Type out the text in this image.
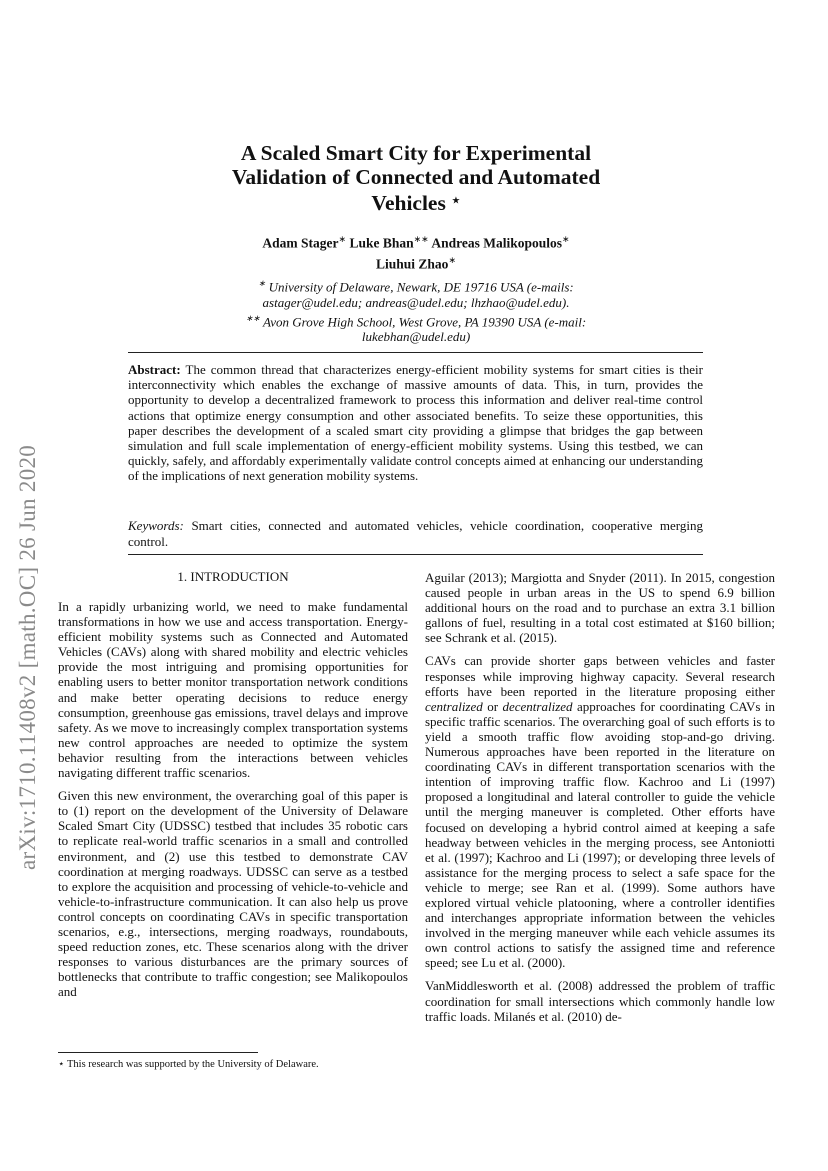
arXiv:1710.11408v2 [math.OC] 26 Jun 2020
A Scaled Smart City for Experimental
Validation of Connected and Automated
Vehicles ⋆
Adam Stager∗ Luke Bhan∗∗ Andreas Malikopoulos∗
Liuhui Zhao∗
∗ University of Delaware, Newark, DE 19716 USA (e-mails:
astager@udel.edu; andreas@udel.edu; lhzhao@udel.edu).
∗∗ Avon Grove High School, West Grove, PA 19390 USA (e-mail:
lukebhan@udel.edu)
Abstract: The common thread that characterizes energy-efficient mobility systems for smart cities is their interconnectivity which enables the exchange of massive amounts of data. This, in turn, provides the opportunity to develop a decentralized framework to process this information and deliver real-time control actions that optimize energy consumption and other associated benefits. To seize these opportunities, this paper describes the development of a scaled smart city providing a glimpse that bridges the gap between simulation and full scale implementation of energy-efficient mobility systems. Using this testbed, we can quickly, safely, and affordably experimentally validate control concepts aimed at enhancing our understanding of the implications of next generation mobility systems.
Keywords: Smart cities, connected and automated vehicles, vehicle coordination, cooperative merging control.
1. INTRODUCTION

In a rapidly urbanizing world, we need to make fundamental transformations in how we use and access transportation. Energy-efficient mobility systems such as Connected and Automated Vehicles (CAVs) along with shared mobility and electric vehicles provide the most intriguing and promising opportunities for enabling users to better monitor transportation network conditions and make better operating decisions to reduce energy consumption, greenhouse gas emissions, travel delays and improve safety. As we move to increasingly complex transportation systems new control approaches are needed to optimize the system behavior resulting from the interactions between vehicles navigating different traffic scenarios.

Given this new environment, the overarching goal of this paper is to (1) report on the development of the University of Delaware Scaled Smart City (UDSSC) testbed that includes 35 robotic cars to replicate real-world traffic scenarios in a small and controlled environment, and (2) use this testbed to demonstrate CAV coordination at merging roadways. UDSSC can serve as a testbed to explore the acquisition and processing of vehicle-to-vehicle and vehicle-to-infrastructure communication. It can also help us prove control concepts on coordinating CAVs in specific transportation scenarios, e.g., intersections, merging roadways, roundabouts, speed reduction zones, etc. These scenarios along with the driver responses to various disturbances are the primary sources of bottlenecks that contribute to traffic congestion; see Malikopoulos and

Aguilar (2013); Margiotta and Snyder (2011). In 2015, congestion caused people in urban areas in the US to spend 6.9 billion additional hours on the road and to purchase an extra 3.1 billion gallons of fuel, resulting in a total cost estimated at $160 billion; see Schrank et al. (2015).

CAVs can provide shorter gaps between vehicles and faster responses while improving highway capacity. Several research efforts have been reported in the literature proposing either centralized or decentralized approaches for coordinating CAVs in specific traffic scenarios. The overarching goal of such efforts is to yield a smooth traffic flow avoiding stop-and-go driving. Numerous approaches have been reported in the literature on coordinating CAVs in different transportation scenarios with the intention of improving traffic flow. Kachroo and Li (1997) proposed a longitudinal and lateral controller to guide the vehicle until the merging maneuver is completed. Other efforts have focused on developing a hybrid control aimed at keeping a safe headway between vehicles in the merging process, see Antoniotti et al. (1997); Kachroo and Li (1997); or developing three levels of assistance for the merging process to select a safe space for the vehicle to merge; see Ran et al. (1999). Some authors have explored virtual vehicle platooning, where a controller identifies and interchanges appropriate information between the vehicles involved in the merging maneuver while each vehicle assumes its own control actions to satisfy the assigned time and reference speed; see Lu et al. (2000).

VanMiddlesworth et al. (2008) addressed the problem of traffic coordination for small intersections which commonly handle low traffic loads. Milanés et al. (2010) de-

⋆ This research was supported by the University of Delaware.
